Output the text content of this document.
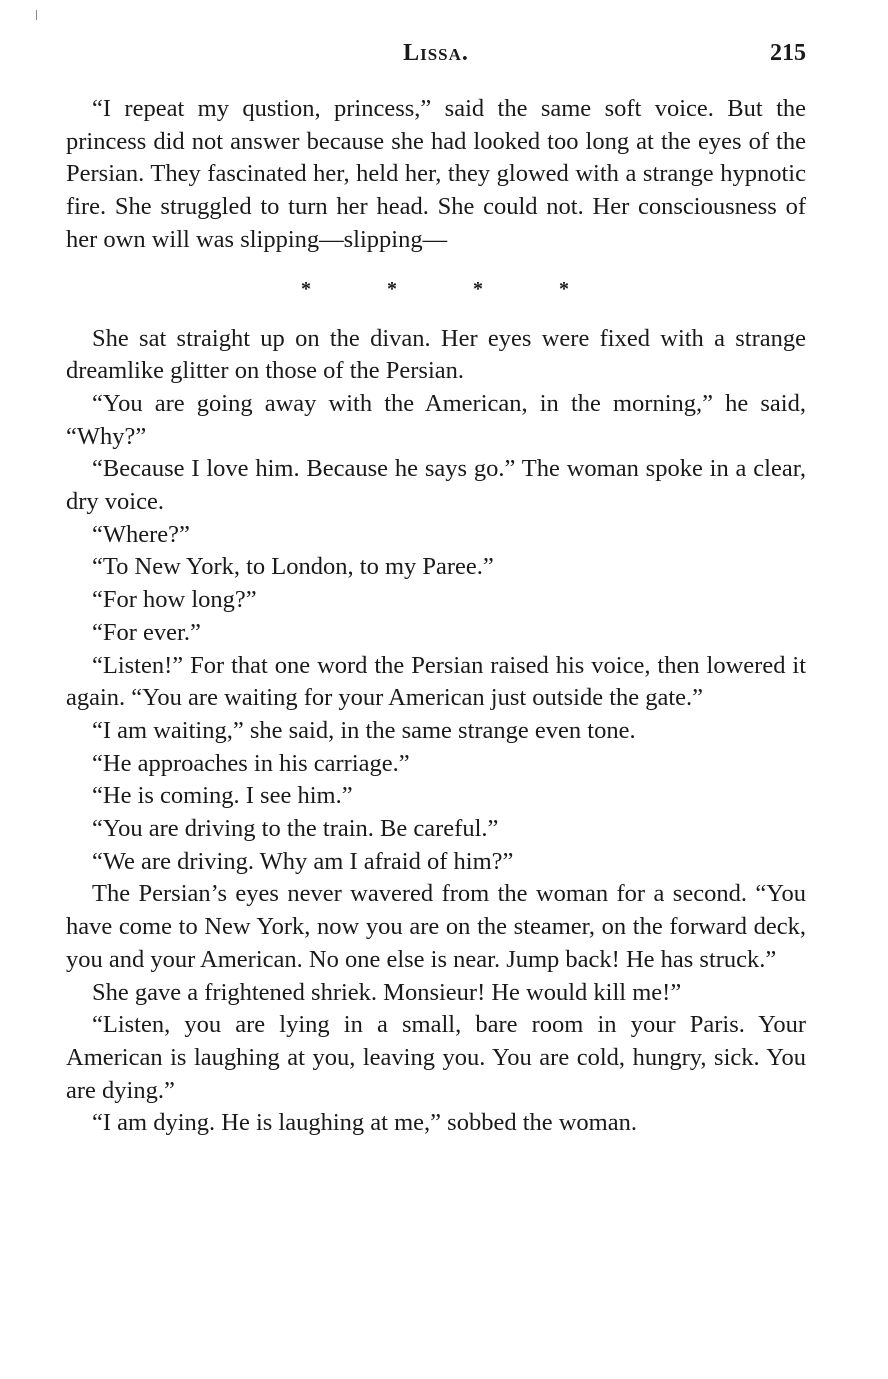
Lissa.	215

“I repeat my qustion, princess,” said the same soft voice. But the princess did not answer because she had looked too long at the eyes of the Persian. They fascinated her, held her, they glowed with a strange hypnotic fire. She struggled to turn her head. She could not. Her consciousness of her own will was slipping—slipping—

*	*	*	*

She sat straight up on the divan. Her eyes were fixed with a strange dreamlike glitter on those of the Persian.

“You are going away with the American, in the morning,” he said, “Why?”

“Because I love him. Because he says go.” The woman spoke in a clear, dry voice.

“Where?”

“To New York, to London, to my Paree.”

“For how long?”

“For ever.”

“Listen!” For that one word the Persian raised his voice, then lowered it again. “You are waiting for your American just outside the gate.”

“I am waiting,” she said, in the same strange even tone.

“He approaches in his carriage.”

“He is coming. I see him.”

“You are driving to the train. Be careful.”

“We are driving. Why am I afraid of him?”

The Persian’s eyes never wavered from the woman for a second. “You have come to New York, now you are on the steamer, on the forward deck, you and your American. No one else is near. Jump back! He has struck.”

She gave a frightened shriek. Monsieur! He would kill me!”

“Listen, you are lying in a small, bare room in your Paris. Your American is laughing at you, leaving you. You are cold, hungry, sick. You are dying.”

“I am dying. He is laughing at me,” sobbed the woman.
